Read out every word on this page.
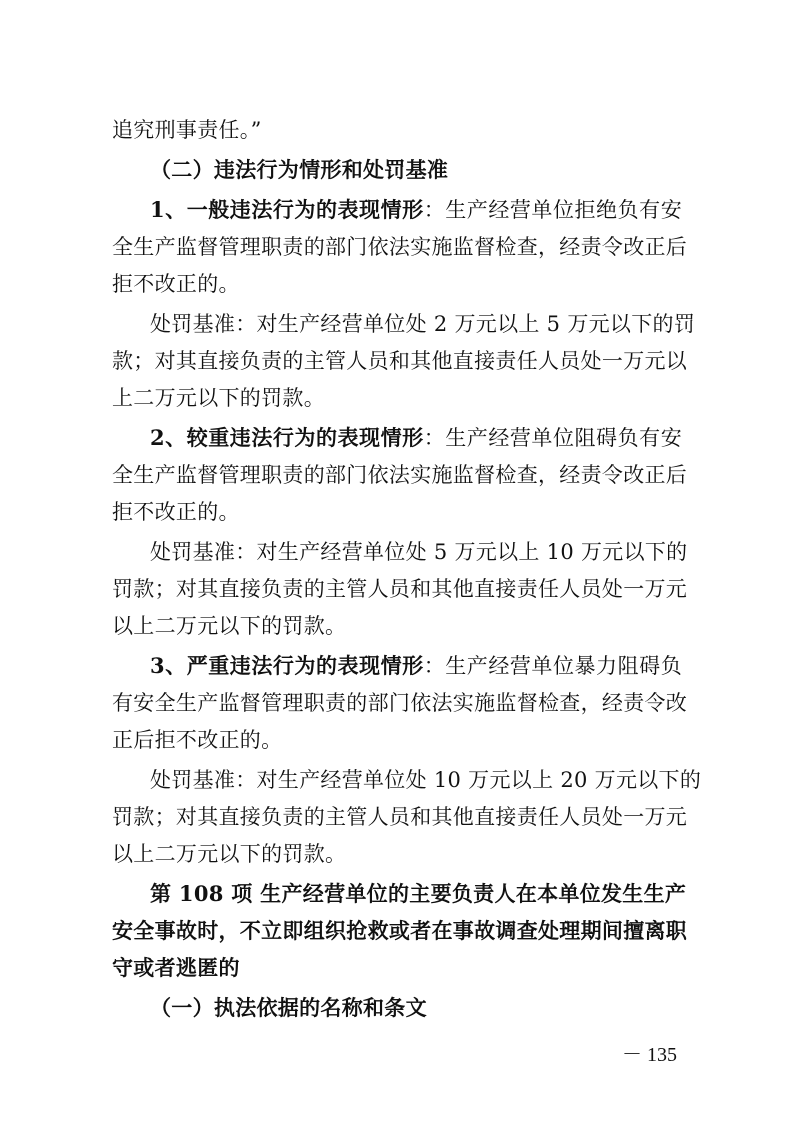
追究刑事责任。”
（二）违法行为情形和处罚基准
1、一般违法行为的表现情形：生产经营单位拒绝负有安
全生产监督管理职责的部门依法实施监督检查，经责令改正后
拒不改正的。
处罚基准：对生产经营单位处 2 万元以上 5 万元以下的罚
款；对其直接负责的主管人员和其他直接责任人员处一万元以
上二万元以下的罚款。
2、较重违法行为的表现情形：生产经营单位阻碍负有安
全生产监督管理职责的部门依法实施监督检查，经责令改正后
拒不改正的。
处罚基准：对生产经营单位处 5 万元以上 10 万元以下的
罚款；对其直接负责的主管人员和其他直接责任人员处一万元
以上二万元以下的罚款。
3、严重违法行为的表现情形：生产经营单位暴力阻碍负
有安全生产监督管理职责的部门依法实施监督检查，经责令改
正后拒不改正的。
处罚基准：对生产经营单位处 10 万元以上 20 万元以下的
罚款；对其直接负责的主管人员和其他直接责任人员处一万元
以上二万元以下的罚款。
第 108 项 生产经营单位的主要负责人在本单位发生生产
安全事故时，不立即组织抢救或者在事故调查处理期间擅离职
守或者逃匿的
（一）执法依据的名称和条文
－ 135
